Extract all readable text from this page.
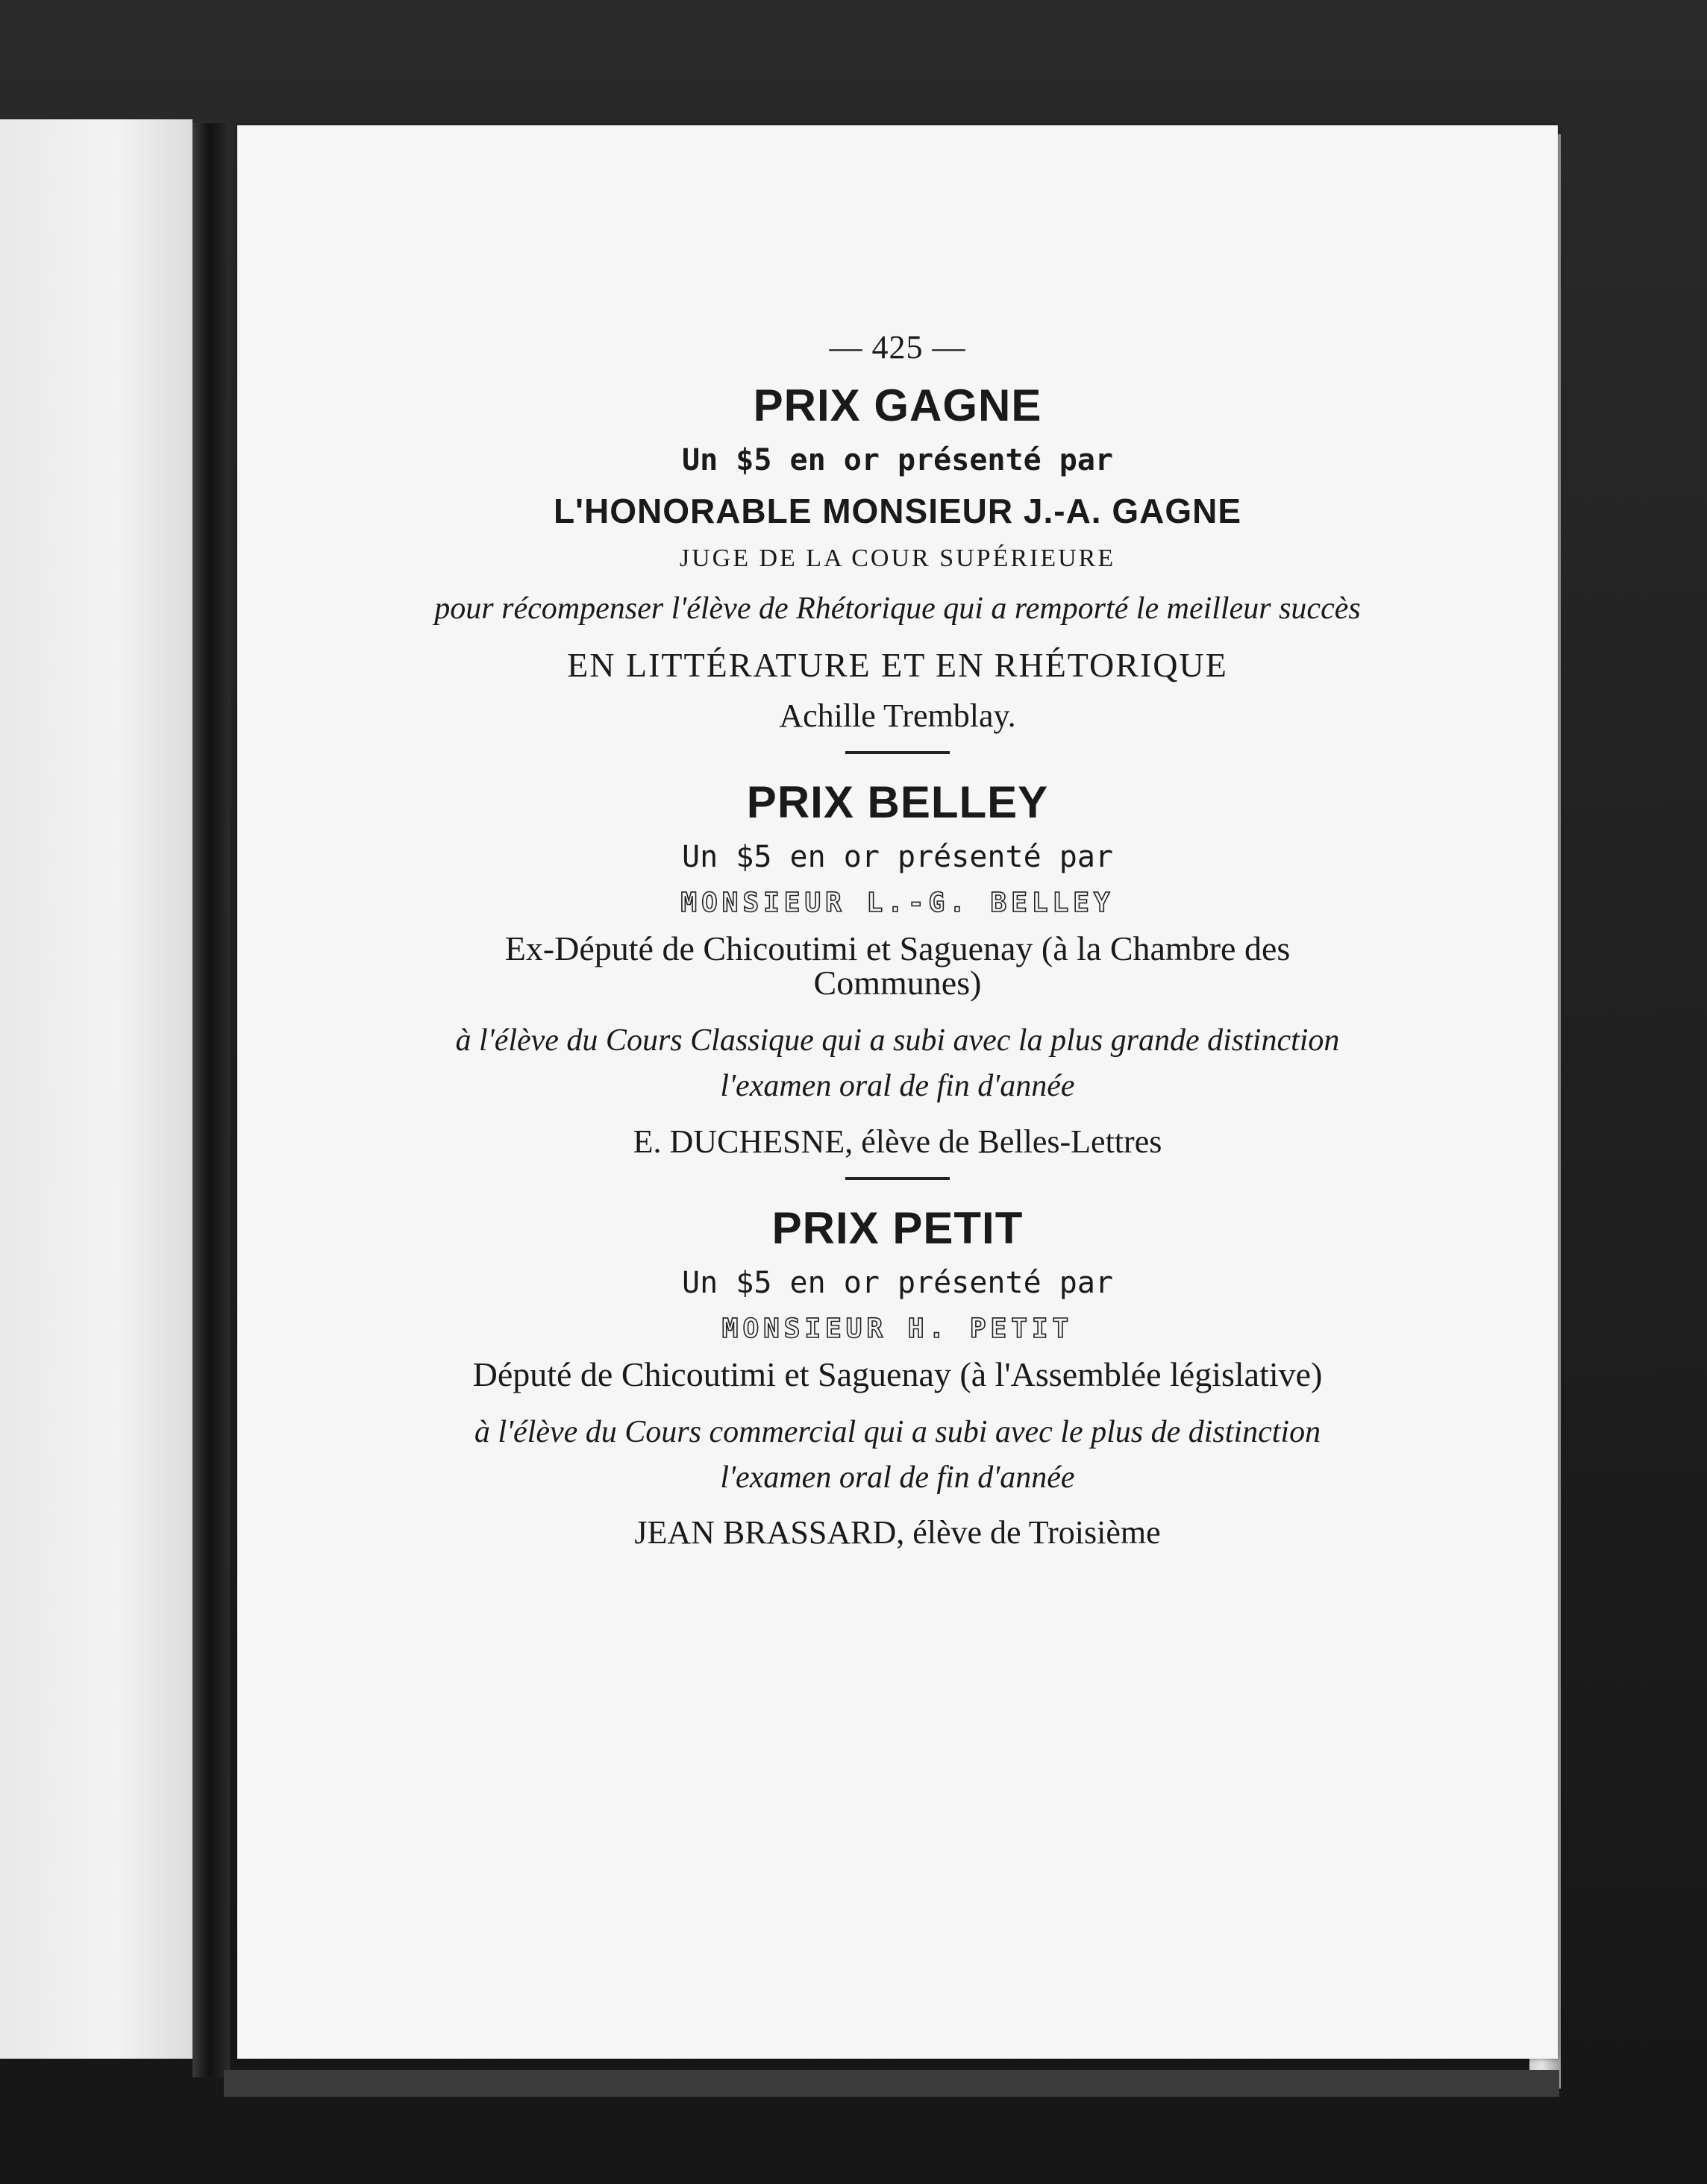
— 425 —
PRIX GAGNE
Un $5 en or présenté par
L'HONORABLE MONSIEUR J.-A. GAGNE
JUGE DE LA COUR SUPÉRIEURE
pour récompenser l'élève de Rhétorique qui a remporté le meilleur succès
EN LITTÉRATURE ET EN RHÉTORIQUE
Achille Tremblay.
PRIX BELLEY
Un $5 en or présenté par
MONSIEUR L.-G. BELLEY
Ex-Député de Chicoutimi et Saguenay (à la Chambre des Communes)
à l'élève du Cours Classique qui a subi avec la plus grande distinction l'examen oral de fin d'année
E. DUCHESNE, élève de Belles-Lettres
PRIX PETIT
Un $5 en or présenté par
MONSIEUR H. PETIT
Député de Chicoutimi et Saguenay (à l'Assemblée législative)
à l'élève du Cours commercial qui a subi avec le plus de distinction l'examen oral de fin d'année
JEAN BRASSARD, élève de Troisième
